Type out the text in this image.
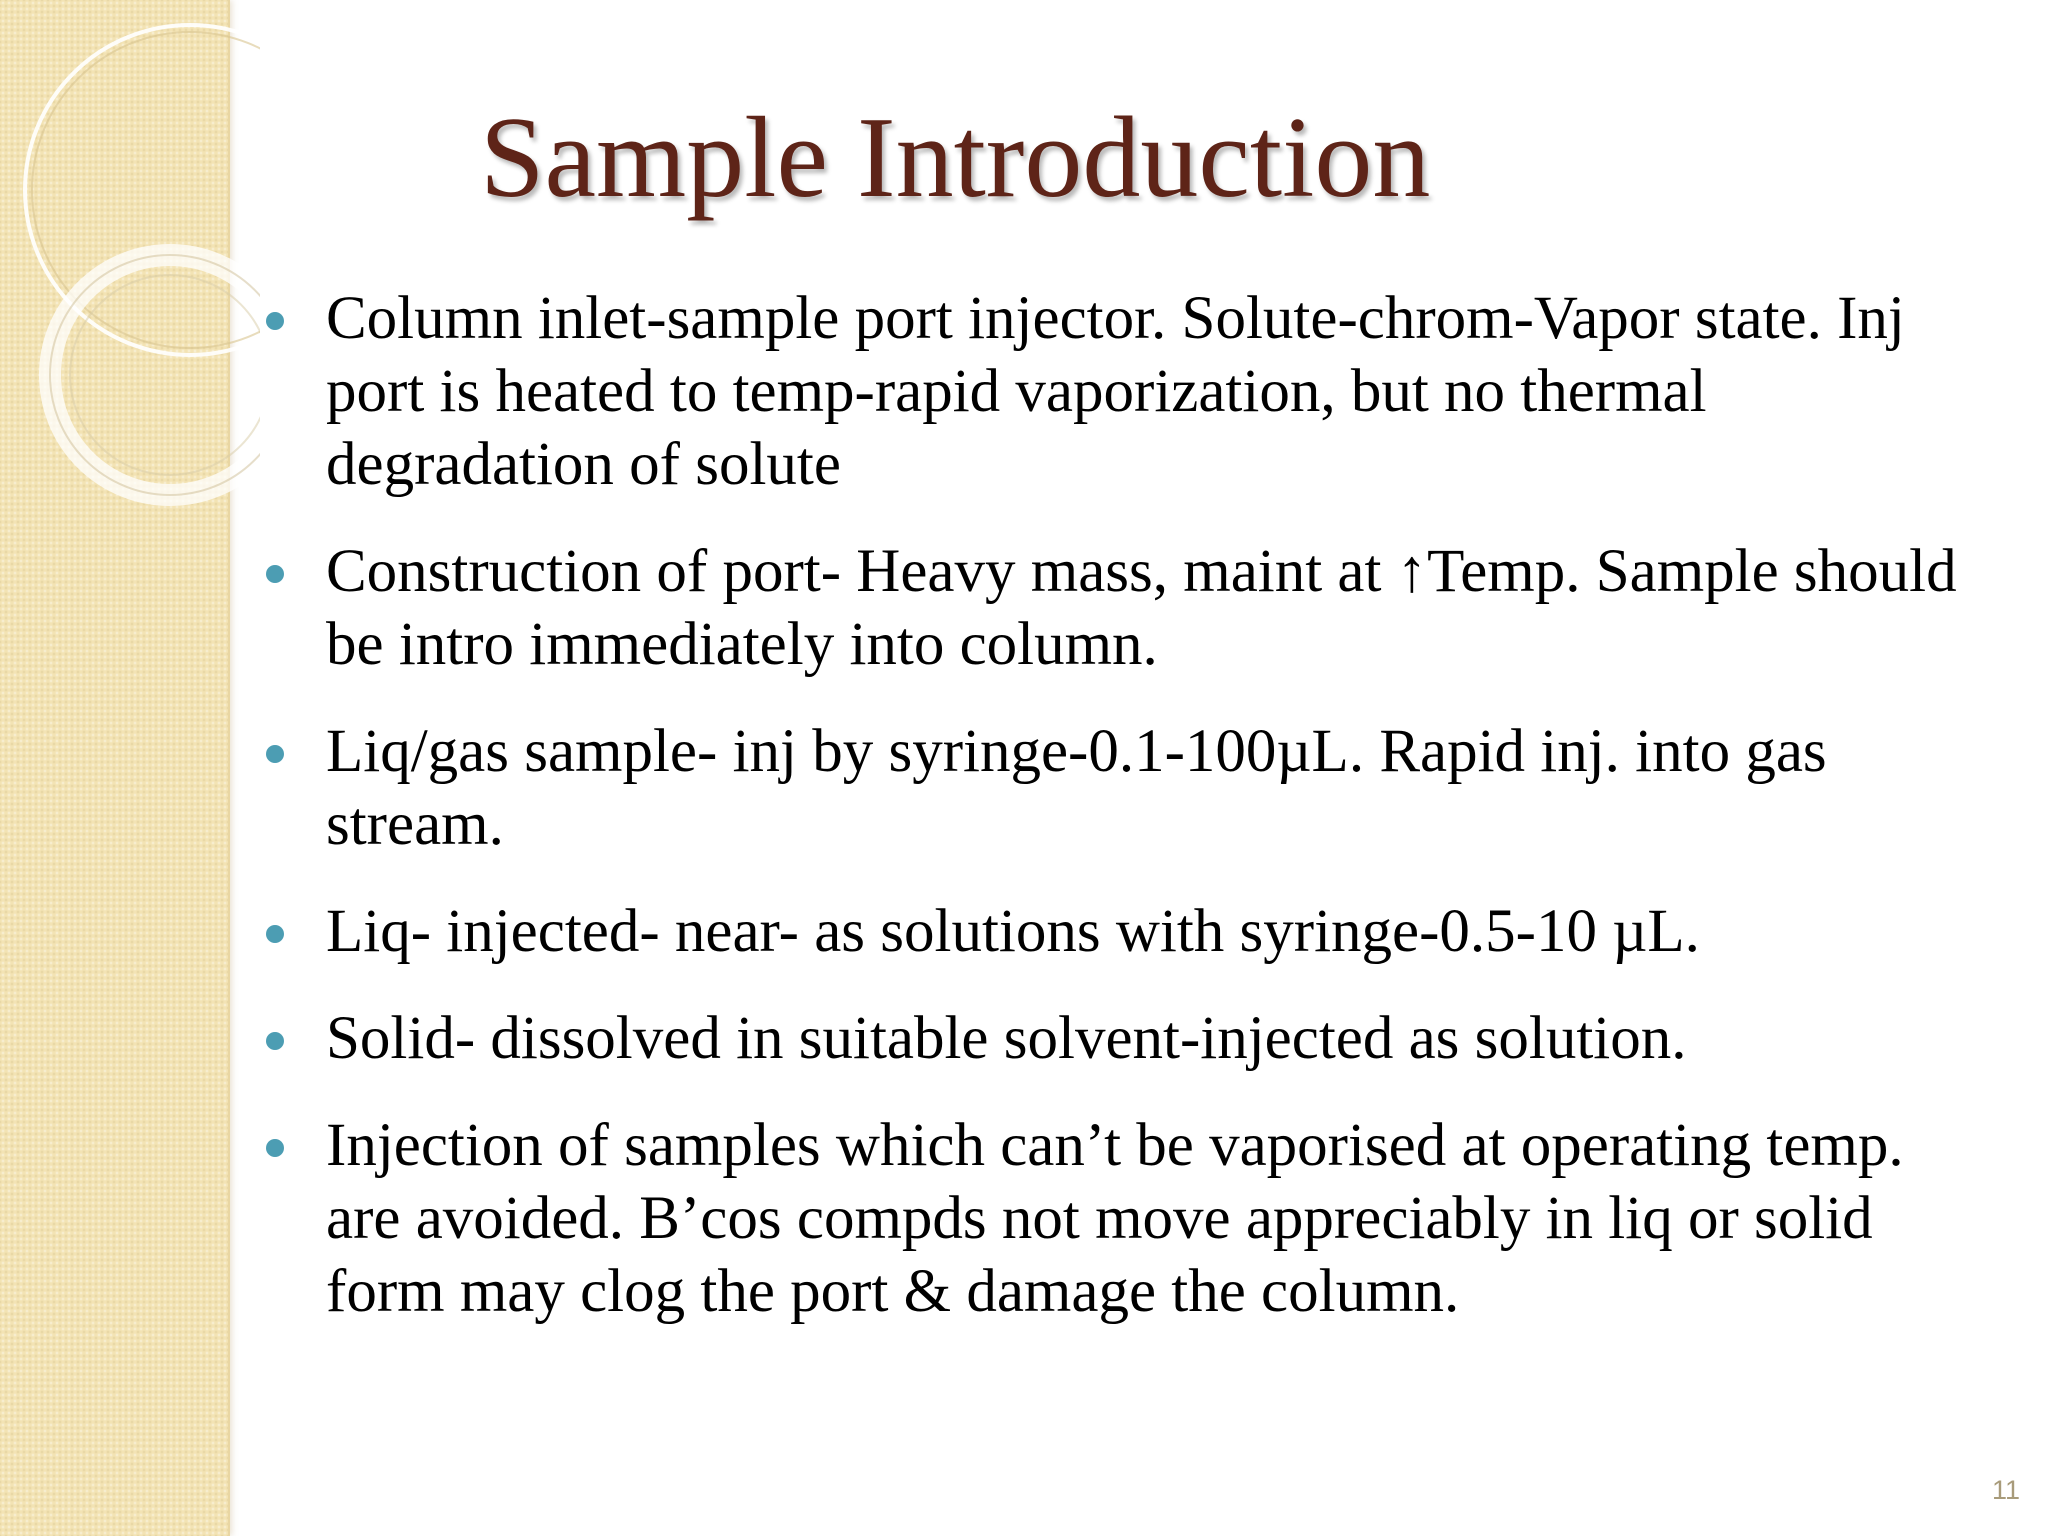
Sample Introduction
Column inlet-sample port injector. Solute-chrom-Vapor state. Inj port is heated to temp-rapid vaporization, but no thermal degradation of solute
Construction of port- Heavy mass, maint at ↑Temp. Sample should be intro immediately into column.
Liq/gas sample- inj by syringe-0.1-100µL. Rapid inj. into gas stream.
Liq- injected- near- as solutions with syringe-0.5-10 µL.
Solid- dissolved in suitable solvent-injected as solution.
Injection of samples which can’t be vaporised at operating temp. are avoided. B’cos compds not move appreciably in liq or solid form may clog the port & damage the column.
11
